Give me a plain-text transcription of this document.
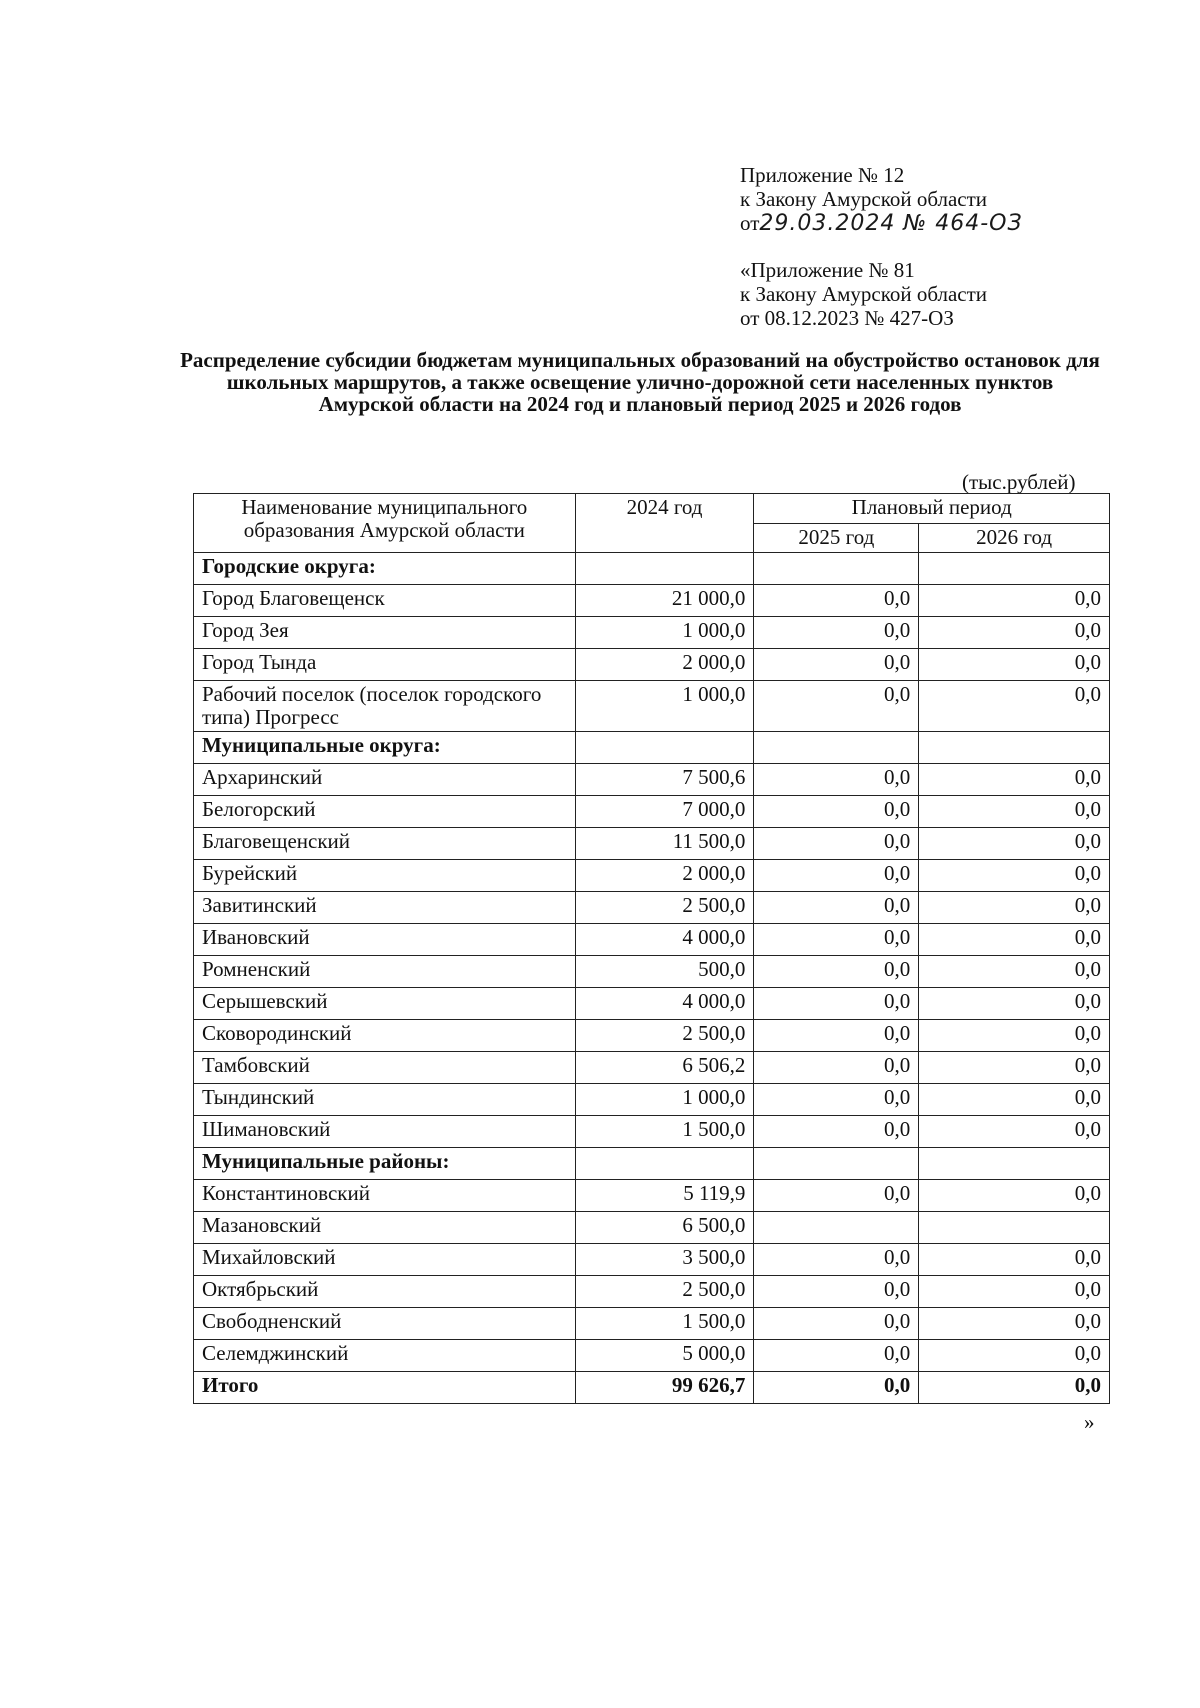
Приложение № 12
к Закону Амурской области
от29.03.2024 № 464-ОЗ
«Приложение № 81
к Закону Амурской области
от 08.12.2023 № 427-ОЗ
Распределение субсидии бюджетам муниципальных образований на обустройство остановок для школьных маршрутов, а также освещение улично-дорожной сети населенных пунктов Амурской области на 2024 год и плановый период 2025 и 2026 годов
(тыс.рублей)
Наименование муниципального образования Амурской области	2024 год	Плановый период	
		2025 год	2026 год
Городские округа:			
Город Благовещенск	21 000,0	0,0	0,0
Город Зея	1 000,0	0,0	0,0
Город Тында	2 000,0	0,0	0,0
Рабочий поселок (поселок городского типа) Прогресс	1 000,0	0,0	0,0
Муниципальные округа:			
Архаринский	7 500,6	0,0	0,0
Белогорский	7 000,0	0,0	0,0
Благовещенский	11 500,0	0,0	0,0
Бурейский	2 000,0	0,0	0,0
Завитинский	2 500,0	0,0	0,0
Ивановский	4 000,0	0,0	0,0
Ромненский	500,0	0,0	0,0
Серышевский	4 000,0	0,0	0,0
Сковородинский	2 500,0	0,0	0,0
Тамбовский	6 506,2	0,0	0,0
Тындинский	1 000,0	0,0	0,0
Шимановский	1 500,0	0,0	0,0
Муниципальные районы:			
Константиновский	5 119,9	0,0	0,0
Мазановский	6 500,0		
Михайловский	3 500,0	0,0	0,0
Октябрьский	2 500,0	0,0	0,0
Свободненский	1 500,0	0,0	0,0
Селемджинский	5 000,0	0,0	0,0
Итого	99 626,7	0,0	0,0
»
